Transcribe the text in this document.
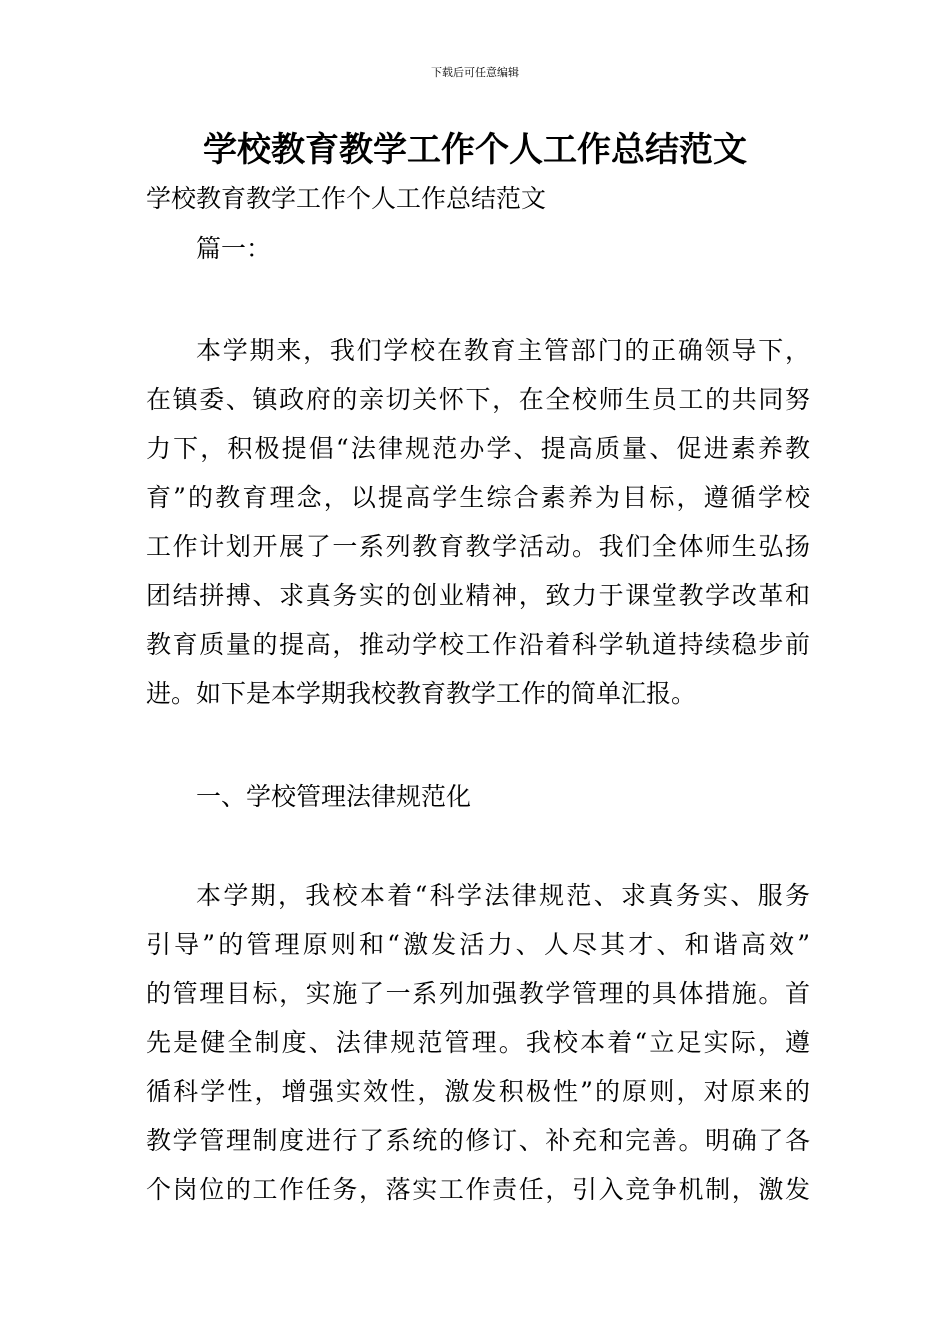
下载后可任意编辑
学校教育教学工作个人工作总结范文

学校教育教学工作个人工作总结范文

篇一：

本学期来，我们学校在教育主管部门的正确领导下，

在镇委、镇政府的亲切关怀下，在全校师生员工的共同努

力下，积极提倡“法律规范办学、提高质量、促进素养教

育”的教育理念，以提高学生综合素养为目标，遵循学校

工作计划开展了一系列教育教学活动。我们全体师生弘扬

团结拼搏、求真务实的创业精神，致力于课堂教学改革和

教育质量的提高，推动学校工作沿着科学轨道持续稳步前

进。如下是本学期我校教育教学工作的简单汇报。

一、学校管理法律规范化

本学期，我校本着“科学法律规范、求真务实、服务

引导”的管理原则和“激发活力、人尽其才、和谐高效”

的管理目标，实施了一系列加强教学管理的具体措施。首

先是健全制度、法律规范管理。我校本着“立足实际，遵

循科学性，增强实效性，激发积极性”的原则，对原来的

教学管理制度进行了系统的修订、补充和完善。明确了各

个岗位的工作任务，落实工作责任，引入竞争机制，激发
